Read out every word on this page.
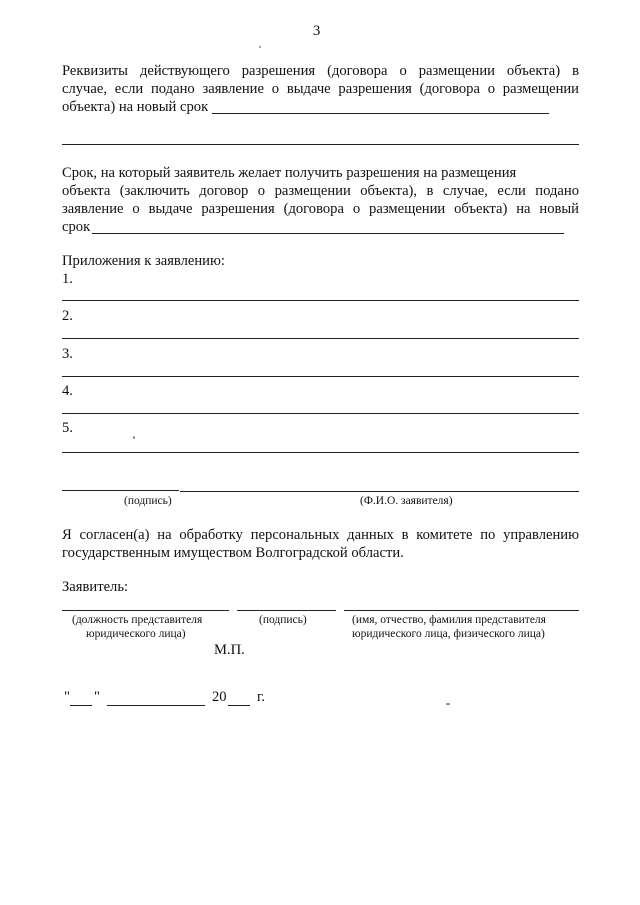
3
Реквизиты действующего разрешения (договора о размещении объекта) в
случае, если подано заявление о выдаче разрешения (договора о размещении
объекта) на новый срок
Срок, на который заявитель желает получить разрешения на размещения
объекта (заключить договор о размещении объекта), в случае, если подано
заявление о выдаче разрешения (договора о размещении объекта) на новый
срок
Приложения к заявлению:
1.
2.
3.
4.
5.
(подпись)	(Ф.И.О. заявителя)
Я согласен(а) на обработку персональных данных в комитете по управлению
государственным имуществом Волгоградской области.
Заявитель:
(должность представителя
юридического лица)
(подпись)	(имя, отчество, фамилия представителя
юридического лица, физического лица)
М.П.
" "	20 г.
